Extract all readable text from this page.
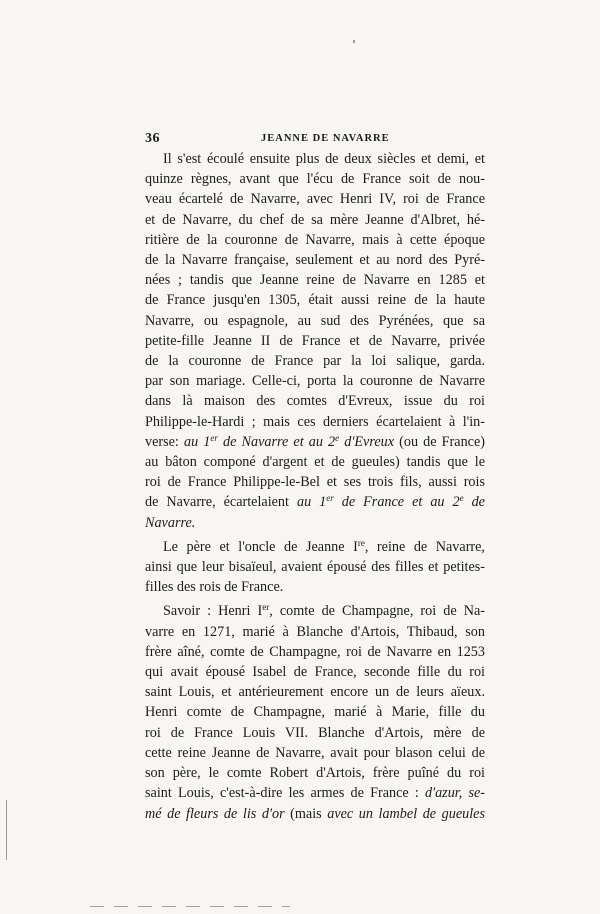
36	JEANNE DE NAVARRE
Il s'est écoulé ensuite plus de deux siècles et demi, et
quinze règnes, avant que l'écu de France soit de nou-
veau écartelé de Navarre, avec Henri IV, roi de France
et de Navarre, du chef de sa mère Jeanne d'Albret, hé-
ritière de la couronne de Navarre, mais à cette époque
de la Navarre française, seulement et au nord des Pyré-
nées ; tandis que Jeanne reine de Navarre en 1285 et
de France jusqu'en 1305, était aussi reine de la haute
Navarre, ou espagnole, au sud des Pyrénées, que sa
petite-fille Jeanne II de France et de Navarre, privée
de la couronne de France par la loi salique, garda.
par son mariage. Celle-ci, porta la couronne de Navarre
dans là maison des comtes d'Evreux, issue du roi
Philippe-le-Hardi ; mais ces derniers écartelaient à l'in-
verse: au 1er de Navarre et au 2e d'Evreux (ou de France)
au bâton componé d'argent et de gueules) tandis que le
roi de France Philippe-le-Bel et ses trois fils, aussi rois
de Navarre, écartelaient au 1er de France et au 2e de
Navarre.
Le père et l'oncle de Jeanne Ire, reine de Navarre,
ainsi que leur bisaïeul, avaient épousé des filles et petites-
filles des rois de France.
Savoir : Henri Ier, comte de Champagne, roi de Na-
varre en 1271, marié à Blanche d'Artois, Thibaud, son
frère aîné, comte de Champagne, roi de Navarre en 1253
qui avait épousé Isabel de France, seconde fille du roi
saint Louis, et antérieurement encore un de leurs aïeux.
Henri comte de Champagne, marié à Marie, fille du
roi de France Louis VII. Blanche d'Artois, mère de
cette reine Jeanne de Navarre, avait pour blason celui de
son père, le comte Robert d'Artois, frère puîné du roi
saint Louis, c'est-à-dire les armes de France : d'azur, se-
mé de fleurs de lis d'or (mais avec un lambel de gueules
